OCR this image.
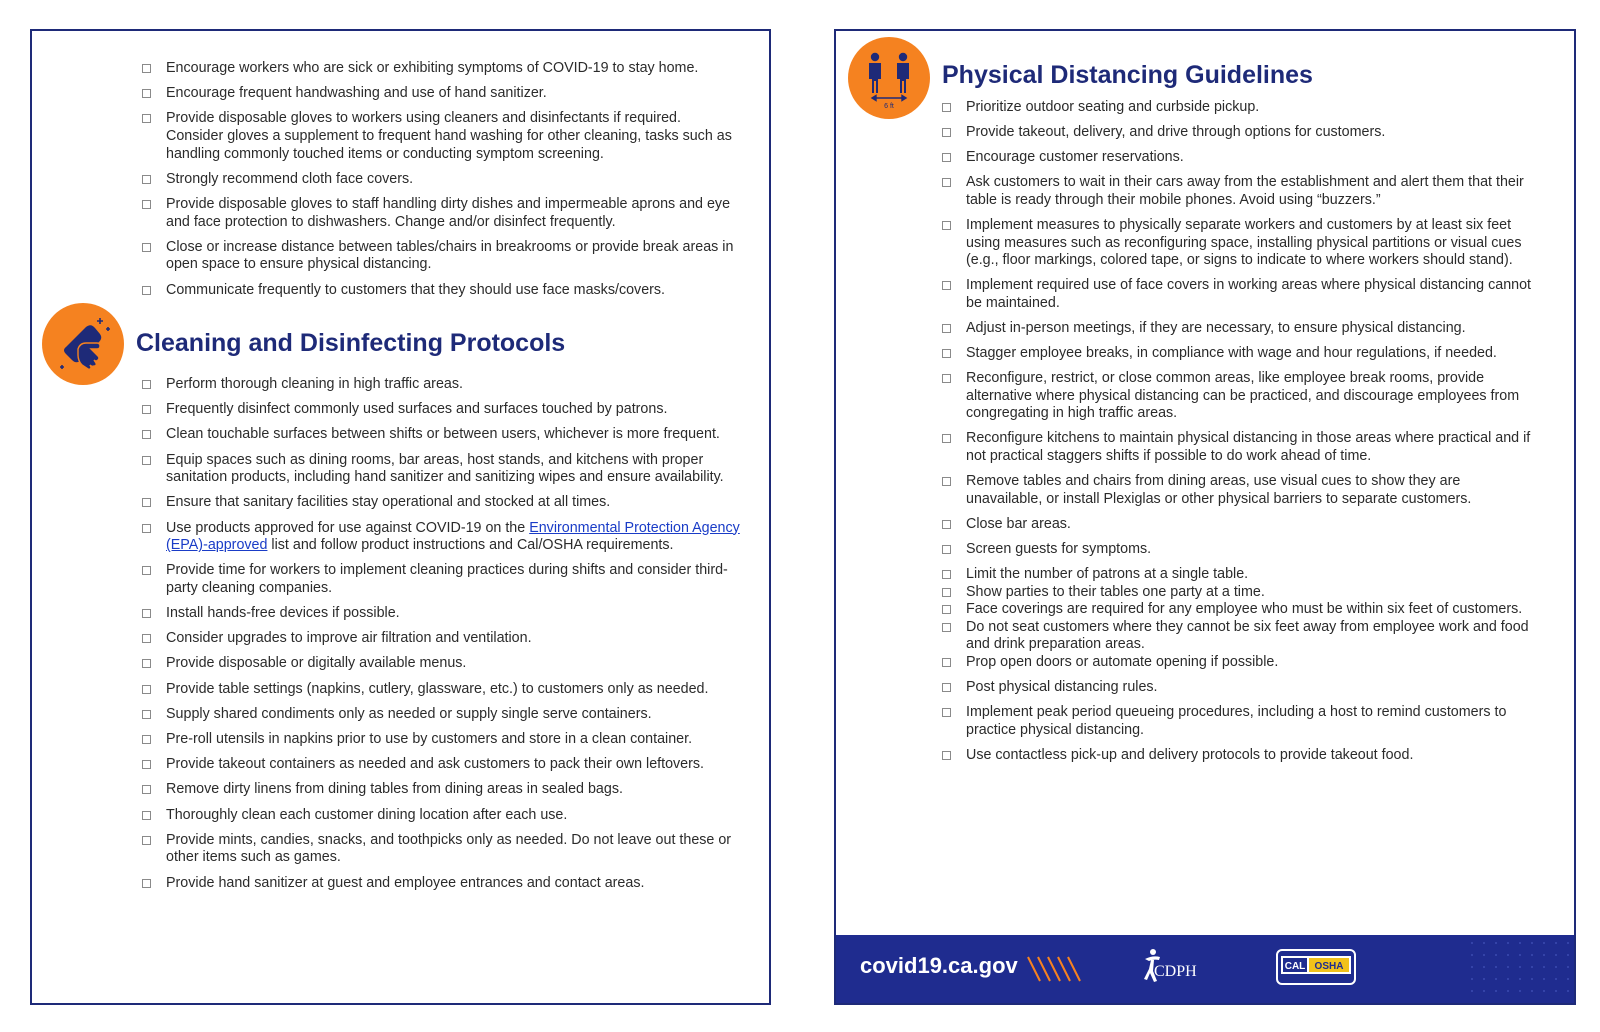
Encourage workers who are sick or exhibiting symptoms of COVID-19 to stay home.
Encourage frequent handwashing and use of hand sanitizer.
Provide disposable gloves to workers using cleaners and disinfectants if required. Consider gloves a supplement to frequent hand washing for other cleaning, tasks such as handling commonly touched items or conducting symptom screening.
Strongly recommend cloth face covers.
Provide disposable gloves to staff handling dirty dishes and impermeable aprons and eye and face protection to dishwashers. Change and/or disinfect frequently.
Close or increase distance between tables/chairs in breakrooms or provide break areas in open space to ensure physical distancing.
Communicate frequently to customers that they should use face masks/covers.
Cleaning and Disinfecting Protocols
Perform thorough cleaning in high traffic areas.
Frequently disinfect commonly used surfaces and surfaces touched by patrons.
Clean touchable surfaces between shifts or between users, whichever is more frequent.
Equip spaces such as dining rooms, bar areas, host stands, and kitchens with proper sanitation products, including hand sanitizer and sanitizing wipes and ensure availability.
Ensure that sanitary facilities stay operational and stocked at all times.
Use products approved for use against COVID-19 on the Environmental Protection Agency (EPA)-approved list and follow product instructions and Cal/OSHA requirements.
Provide time for workers to implement cleaning practices during shifts and consider third-party cleaning companies.
Install hands-free devices if possible.
Consider upgrades to improve air filtration and ventilation.
Provide disposable or digitally available menus.
Provide table settings (napkins, cutlery, glassware, etc.) to customers only as needed.
Supply shared condiments only as needed or supply single serve containers.
Pre-roll utensils in napkins prior to use by customers and store in a clean container.
Provide takeout containers as needed and ask customers to pack their own leftovers.
Remove dirty linens from dining tables from dining areas in sealed bags.
Thoroughly clean each customer dining location after each use.
Provide mints, candies, snacks, and toothpicks only as needed. Do not leave out these or other items such as games.
Provide hand sanitizer at guest and employee entrances and contact areas.
6 ft
Physical Distancing Guidelines
Prioritize outdoor seating and curbside pickup.
Provide takeout, delivery, and drive through options for customers.
Encourage customer reservations.
Ask customers to wait in their cars away from the establishment and alert them that their table is ready through their mobile phones. Avoid using “buzzers.”
Implement measures to physically separate workers and customers by at least six feet using measures such as reconfiguring space, installing physical partitions or visual cues (e.g., floor markings, colored tape, or signs to indicate to where workers should stand).
Implement required use of face covers in working areas where physical distancing cannot be maintained.
Adjust in-person meetings, if they are necessary, to ensure physical distancing.
Stagger employee breaks, in compliance with wage and hour regulations, if needed.
Reconfigure, restrict, or close common areas, like employee break rooms, provide alternative where physical distancing can be practiced, and discourage employees from congregating in high traffic areas.
Reconfigure kitchens to maintain physical distancing in those areas where practical and if not practical staggers shifts if possible to do work ahead of time.
Remove tables and chairs from dining areas, use visual cues to show they are unavailable, or install Plexiglas or other physical barriers to separate customers.
Close bar areas.
Screen guests for symptoms.
Limit the number of patrons at a single table.
Show parties to their tables one party at a time.
Face coverings are required for any employee who must be within six feet of customers.
Do not seat customers where they cannot be six feet away from employee work and food and drink preparation areas.
Prop open doors or automate opening if possible.
Post physical distancing rules.
Implement peak period queueing procedures, including a host to remind customers to practice physical distancing.
Use contactless pick-up and delivery protocols to provide takeout food.
covid19.ca.gov	CDPH	CAL OSHA
